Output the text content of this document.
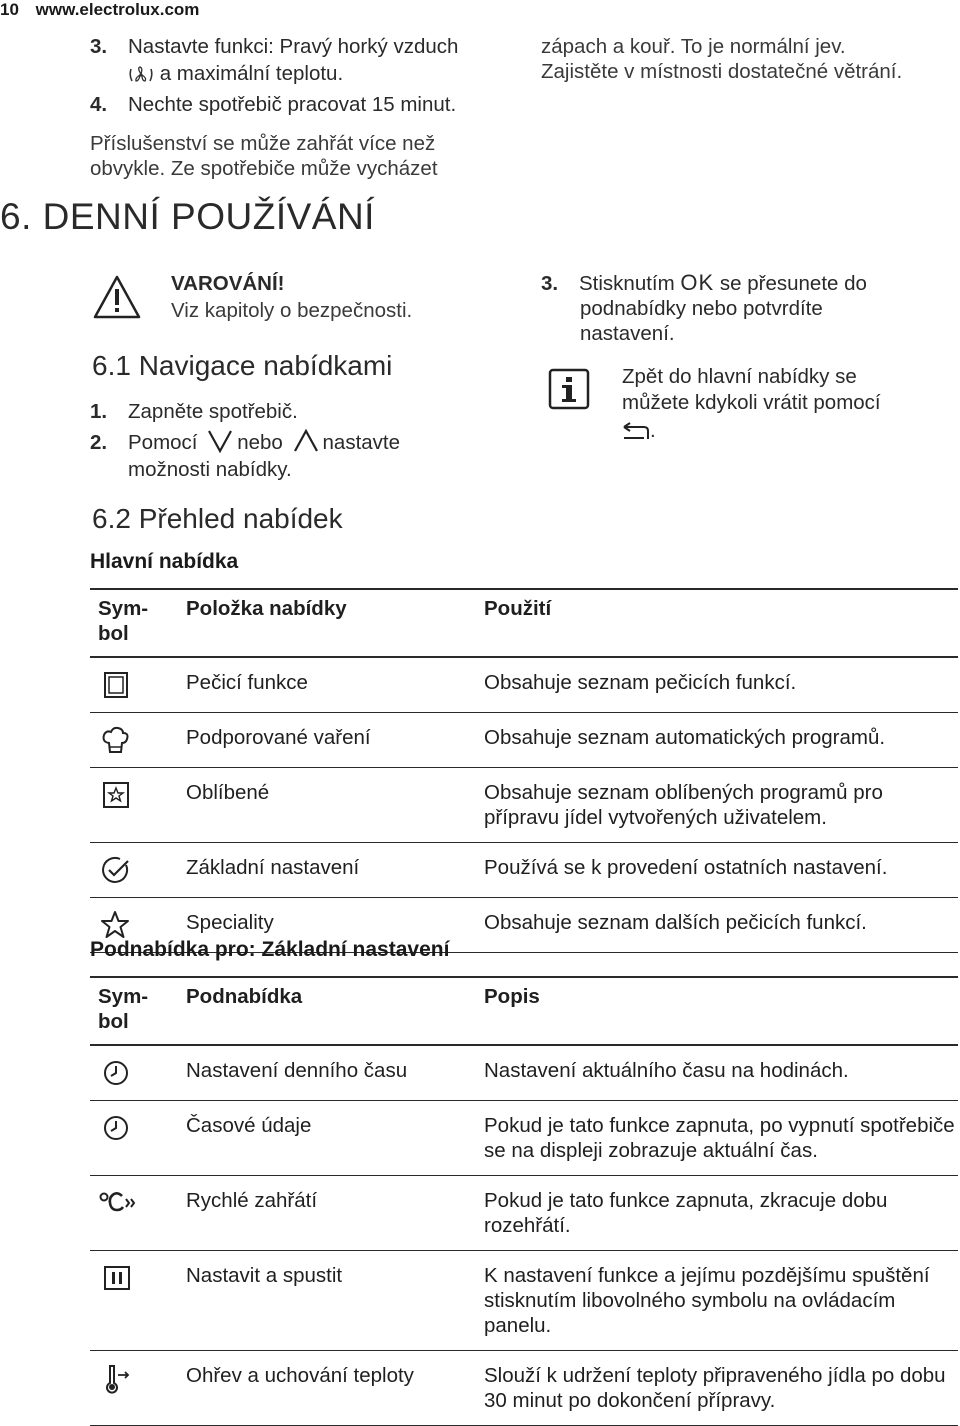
10 www.electrolux.com
3. Nastavte funkci: Pravý horký vzduch
a maximální teplotu.
4. Nechte spotřebič pracovat 15 minut.
Příslušenství se může zahřát více než
obvykle. Ze spotřebiče může vycházet
zápach a kouř. To je normální jev.
Zajistěte v místnosti dostatečné větrání.
6. DENNÍ POUŽÍVÁNÍ
VAROVÁNÍ!
Viz kapitoly o bezpečnosti.
6.1 Navigace nabídkami
1. Zapněte spotřebič.
2. Pomocí nebo nastavte
možnosti nabídky.
3. Stisknutím OK se přesunete do
podnabídky nebo potvrdíte
nastavení.
Zpět do hlavní nabídky se
můžete kdykoli vrátit pomocí
.
6.2 Přehled nabídek
Hlavní nabídka
Sym-
bol	Položka nabídky	Použití

	Pečicí funkce	Obsahuje seznam pečicích funkcí.

	Podporované vaření	Obsahuje seznam automatických programů.

	Oblíbené	Obsahuje seznam oblíbených programů pro přípravu jídel vytvořených uživatelem.

	Základní nastavení	Používá se k provedení ostatních nastavení.

	Speciality	Obsahuje seznam dalších pečicích funkcí.
Podnabídka pro: Základní nastavení
Sym-
bol	Podnabídka	Popis

	Nastavení denního času	Nastavení aktuálního času na hodinách.

	Časové údaje	Pokud je tato funkce zapnuta, po vypnutí spotřebiče se na displeji zobrazuje aktuální čas.

	Rychlé zahřátí	Pokud je tato funkce zapnuta, zkracuje dobu rozehřátí.

	Nastavit a spustit	K nastavení funkce a jejímu pozdějšímu spuštění stisknutím libovolného symbolu na ovládacím panelu.

	Ohřev a uchování teploty	Slouží k udržení teploty připraveného jídla po dobu 30 minut po dokončení přípravy.
